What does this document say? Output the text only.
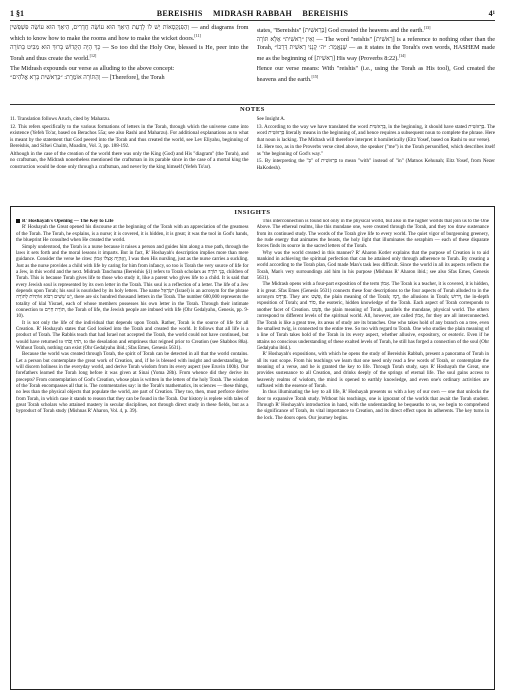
1 §1	BEREISHIS MIDRASH RABBAH BEREISHIS	4¹
וְהַפִּנְקְסָאוֹת יֵשׁ לוֹ לָדַעַת הֵיאַךְ הוּא עוֹשֶׂה חֲדָרִים, הֵיאַךְ הוּא עוֹשֶׂה פִּשְׁפְּשִׁין — and diagrams from which to know how to make the rooms and how to make the wicket doors.[11]
כָּךְ הָיָה הַקָּדוֹשׁ בָּרוּךְ הוּא מַבִּיט בַּתּוֹרָה — So too did the Holy One, blessed is He, peer into the Torah and thus create the world.[12]
The Midrash expounds our verse as alluding to the above concept:
וְהַתּוֹרָה אוֹמֶרֶת: ״בְּרֵאשִׁית בָּרָא אֱלֹהִים״ — [Therefore], the Torah
states, "Bereishis" [בְּרֵאשִׁית] God created the heavens and the earth.[13]
וְאֵין ״רֵאשִׁית״ אֶלָּא תּוֹרָה — The word "reishis" [רֵאשִׁית] is a reference to nothing other than the Torah, שֶׁנֶּאֱמַר: ״ה׳ קָנָנִי רֵאשִׁית דַּרְכּוֹ״ — as it states in the Torah's own words, HASHEM made me as the beginning of [רֵאשִׁית] His way (Proverbs 8:22).[14]
Hence our verse means: With "reishis" (i.e., using the Torah as His tool), God created the heavens and the earth.[15]
NOTES
11. Translation follows Aruch, cited by Maharzu.
12. This refers specifically to the various formations of letters in the Torah, through which the universe came into existence (Yefeh To'ar, based on Berachos 55a; see also Rashi and Maharzu). For additional explanations as to what is meant by the statement that God peered into the Torah and thus created the world, see Lev Eliyahu, beginning of Bereishis, and Sifsei Chaim, Moadim, Vol. 3, pp. 188-192.
Although in the case of the creation of the world there was only the King (God) and His "diagram" (the Torah), and no craftsman, the Midrash nonetheless mentioned the craftsman in its parable since in the case of a mortal king the construction would be done only through a craftsman, and never by the king himself (Yefeh To'ar).
See Insight A.
13. According to the way we have translated the word בְּרֵאשִׁית, in the beginning, it should have stated בָּרֵאשִׁית. The word בְּרֵאשִׁית literally means in the beginning of, and hence requires a subsequent noun to complete the phrase. Here that noun is lacking. The Midrash will therefore interpret it homiletically (Eitz Yosef, based on Rashi to our verse).
14. Here too, as in the Proverbs verse cited above, the speaker ("me") is the Torah personified, which describes itself as "the beginning of God's way."
15. By interpreting the "בְּ" of בְּרֵאשִׁית to mean "with" instead of "in" (Matnos Kehunah; Eitz Yosef, from Nezer HaKodesh).
INSIGHTS
R' Hoshayah's Opening — The Key to Life
R' Hoshayah the Great opened his discourse at the beginning of the Torah with an appreciation of the greatness of the Torah. The Torah, he explains, is a nurse; it is covered, it is hidden, it is great; it was the tool in God's hands, the blueprint He consulted when He created the world.
Simply understood, the Torah is a nurse because it raises a person and guides him along a true path, through the laws it sets forth and the moral lessons it imparts. But in fact, R' Hoshayah's description implies more than mere guidance. Consider the verse he cites: וָאֶהְיֶה אֶצְלוֹ אָמוֹן, I was then His nursling, just as the nurse carries a suckling. Just as the nurse provides a child with life by caring for him from infancy, so too is Torah the very source of life for a Jew, in this world and the next. Midrash Tanchuma (Bereishis §1) refers to Torah scholars as בְּנֵי תוֹרָה, children of Torah. This is because Torah gives life to those who study it, like a parent who gives life to a child. It is said that every Jewish soul is represented by its own letter in the Torah. This soul is a reflection of a letter. The life of a Jew depends upon Torah; his soul is nourished by its holy letters. The name יִשְׂרָאֵל (Israel) is an acronym for the phrase יֵשׁ שִׁשִּׁים רִבּוֹא אוֹתִיּוֹת לַתּוֹרָה, there are six hundred thousand letters in the Torah. The number 600,000 represents the totality of klal Yisrael, each of whose members possesses his own letter in the Torah. Through their intimate connection to תּוֹרַת חַיִּים, the Torah of life, the Jewish people are imbued with life (Ohr Gedalyahu, Genesis, pp. 9-10).
It is not only the life of the individual that depends upon Torah. Rather, Torah is the source of life for all Creation. R' Hoshayah states that God looked into the Torah and created the world. It follows that all life is a product of Torah. The Rabbis teach that had Israel not accepted the Torah, the world could not have continued, but would have returned to תֹהוּ וָבֹהוּ, to the desolation and emptiness that reigned prior to Creation (see Shabbos 88a). Without Torah, nothing can exist (Ohr Gedalyahu ibid.; Sfas Emes, Genesis 5631).
Because the world was created through Torah, the spirit of Torah can be detected in all that the world contains. Let a person but contemplate the great work of Creation, and, if he is blessed with insight and understanding, he will discern holiness in the everyday world, and derive Torah wisdom from its every aspect (see Eruvin 100b). Our forefathers learned the Torah long before it was given at Sinai (Yoma 28b). From whence did they derive its precepts? From contemplation of God's Creation, whose plan is written in the letters of the holy Torah. The wisdom of the Torah encompasses all that is. The commentaries say: in the Torah's mathematics, its sciences — these things, no less than the physical objects that populate the world, are part of Creation. They too, then, must perforce derive from Torah, in which case it stands to reason that they can be found in the Torah. Our history is replete with tales of great Torah scholars who attained mastery in secular disciplines, not through direct study in these fields, but as a byproduct of Torah study (Mishnas R' Aharon, Vol. 4, p. 39).
This interconnection is found not only in the physical world, but also in the higher worlds that join us to the One Above. The ethereal realms, like this mundane one, were created through the Torah, and they too draw sustenance from its continued study. The words of the Torah give life to every world. The quiet vigor of burgeoning greenery, the rude energy that animates the beasts, the holy light that illuminates the seraphim — each of these disparate forces finds its source in the sacred letters of the Torah.
Why was the world created in this manner? R' Aharon Kotler explains that the purpose of Creation is to aid mankind in achieving the spiritual perfection that can be attained only through adherence to Torah. By creating a world according to the Torah plan, God made Man's task less difficult. Since the world in all its aspects reflects the Torah, Man's very surroundings aid him in his purpose (Mishnas R' Aharon ibid.; see also Sfas Emes, Genesis 5631).
The Midrash opens with a four-part exposition of the term אָמוֹן. The Torah is a teacher, it is covered, it is hidden, it is great. Sfas Emes (Genesis 5631) connects these four descriptions to the four aspects of Torah alluded to in the acronym פַּרְדֵּס. They are: פְּשָׁט, the plain meaning of the Torah; רֶמֶז, the allusions in Torah; דְּרוּשׁ, the in-depth exposition of Torah; and סוֹד, the esoteric, hidden knowledge of the Torah. Each aspect of Torah corresponds to another facet of Creation. פְּשָׁט, the plain meaning of Torah, parallels the mundane, physical world. The others correspond to different levels of the spiritual world. All, however, are called אָמוֹן, for they are all interconnected. The Torah is like a great tree, its areas of study are its branches. One who takes hold of any branch on a tree, even the smallest twig, is connected to the entire tree. So too with regard to Torah. One who studies the plain meaning of a line of Torah takes hold of the Torah in its every aspect, whether allusive, expository, or esoteric. Even if he attains no conscious understanding of these exalted levels of Torah, he still has forged a connection of the soul (Ohr Gedalyahu ibid.).
R' Hoshayah's expositions, with which he opens the study of Bereishis Rabbah, present a panorama of Torah in all its vast scope. From his teachings we learn that one need only read a few words of Torah, or contemplate the meaning of a verse, and he is granted the key to life. Through Torah study, says R' Hoshayah the Great, one provides sustenance to all Creation, and drinks deeply of the springs of eternal life. The soul gains access to heavenly realms of wisdom, the mind is opened to earthly knowledge, and even one's ordinary activities are suffused with the essence of Torah.
In thus illuminating the key to all life, R' Hoshayah presents us with a key of our own — one that unlocks the door to expansive Torah study. Without his teachings, one is ignorant of the worlds that await the Torah student. Through R' Hoshayah's introduction in hand, with the understanding he bequeaths to us, we begin to comprehend the significance of Torah, its vital importance to Creation, and its direct effect upon its adherents. The key turns in the lock. The doors open. Our journey begins.
